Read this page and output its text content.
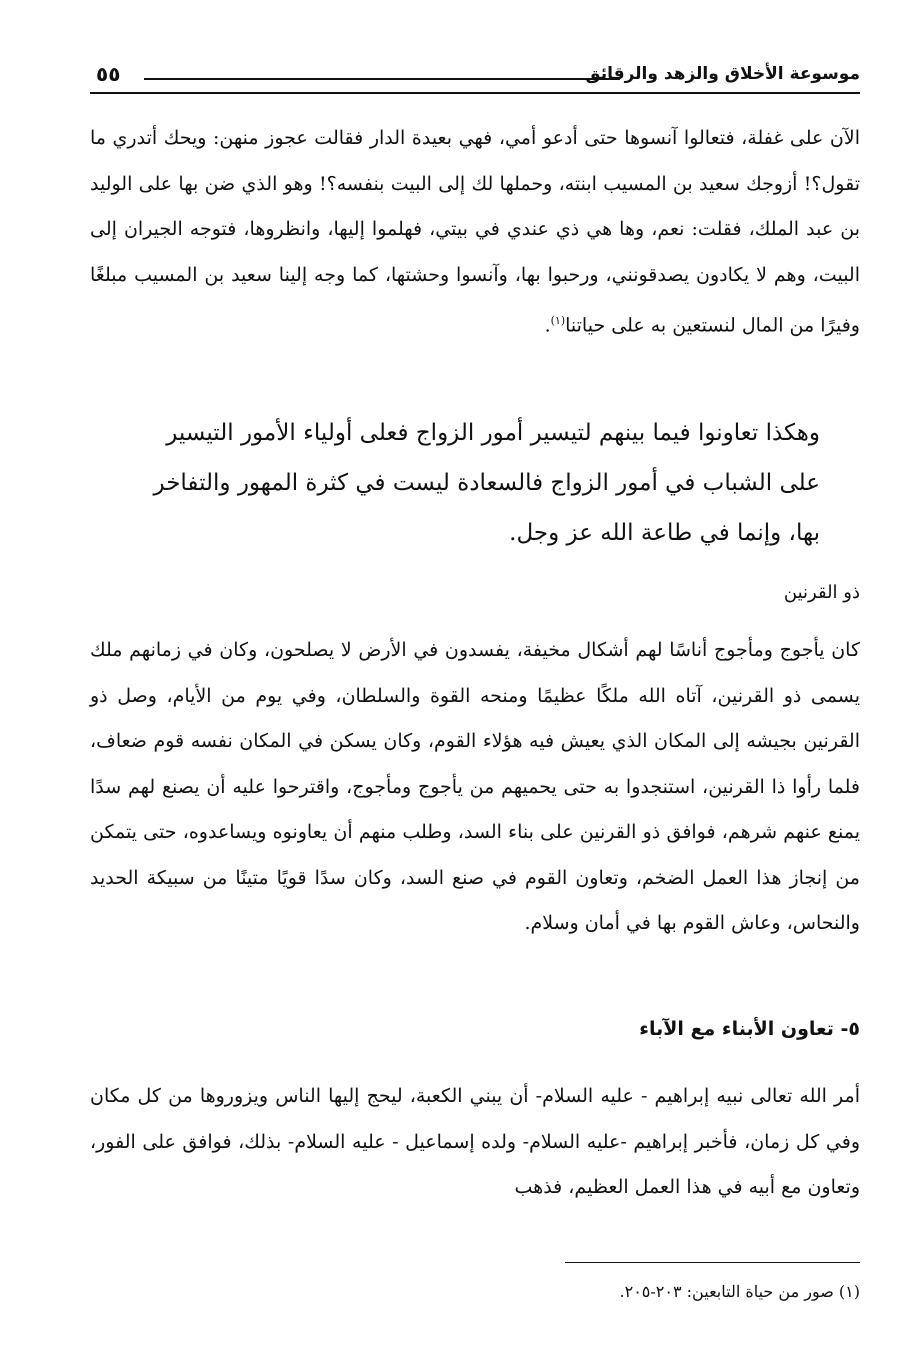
موسوعة الأخلاق والزهد والرقائق
٥٥

الآن على غفلة، فتعالوا آنسوها حتى أدعو أمي، فهي بعيدة الدار فقالت عجوز منهن: ويحك أتدري ما تقول؟! أزوجك سعيد بن المسيب ابنته، وحملها لك إلى البيت بنفسه؟! وهو الذي ضن بها على الوليد بن عبد الملك، فقلت: نعم، وها هي ذي عندي في بيتي، فهلموا إليها، وانظروها، فتوجه الجيران إلى البيت، وهم لا يكادون يصدقونني، ورحبوا بها، وآنسوا وحشتها، كما وجه إلينا سعيد بن المسيب مبلغًا وفيرًا من المال لنستعين به على حياتنا$^{(١)}$.

وهكذا تعاونوا فيما بينهم لتيسير أمور الزواج فعلى أولياء الأمور التيسير على الشباب في أمور الزواج فالسعادة ليست في كثرة المهور والتفاخر بها، وإنما في طاعة الله عز وجل.

ذو القرنين

كان يأجوج ومأجوج أناسًا لهم أشكال مخيفة، يفسدون في الأرض لا يصلحون، وكان في زمانهم ملك يسمى ذو القرنين، آتاه الله ملكًا عظيمًا ومنحه القوة والسلطان، وفي يوم من الأيام، وصل ذو القرنين بجيشه إلى المكان الذي يعيش فيه هؤلاء القوم، وكان يسكن في المكان نفسه قوم ضعاف، فلما رأوا ذا القرنين، استنجدوا به حتى يحميهم من يأجوج ومأجوج، واقترحوا عليه أن يصنع لهم سدًا يمنع عنهم شرهم، فوافق ذو القرنين على بناء السد، وطلب منهم أن يعاونوه ويساعدوه، حتى يتمكن من إنجاز هذا العمل الضخم، وتعاون القوم في صنع السد، وكان سدًا قويًا متينًا من سبيكة الحديد والنحاس، وعاش القوم بها في أمان وسلام.

٥- تعاون الأبناء مع الآباء

أمر الله تعالى نبيه إبراهيم - عليه السلام- أن يبني الكعبة، ليحج إليها الناس ويزوروها من كل مكان وفي كل زمان، فأخبر إبراهيم -عليه السلام- ولده إسماعيل - عليه السلام- بذلك، فوافق على الفور، وتعاون مع أبيه في هذا العمل العظيم، فذهب

(١) صور من حياة التابعين: ٢٠٣-٢٠٥.
